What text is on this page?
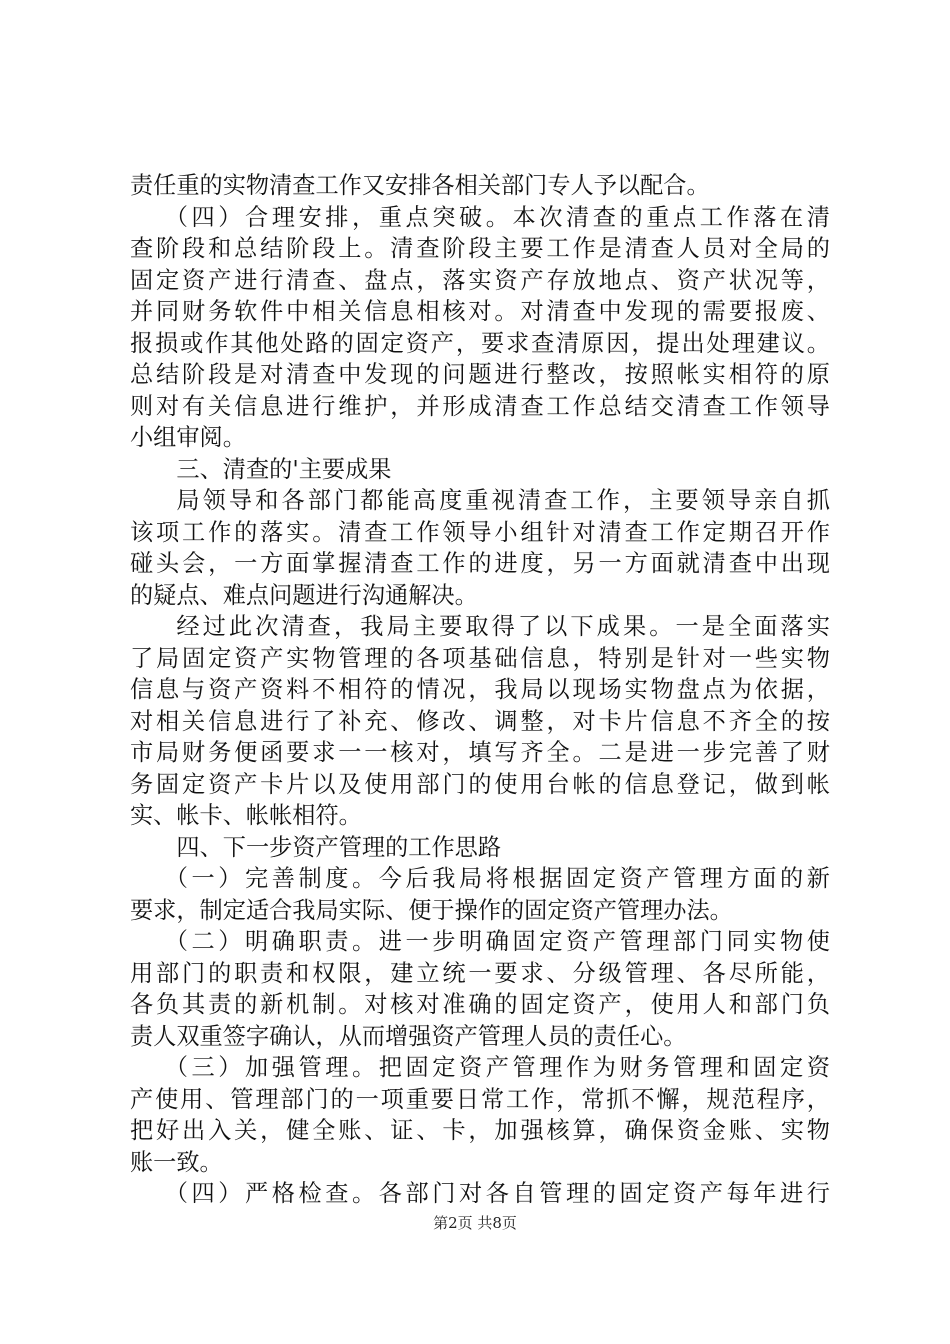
责任重的实物清查工作又安排各相关部门专人予以配合。
（四）合理安排，重点突破。本次清查的重点工作落在清
查阶段和总结阶段上。清查阶段主要工作是清查人员对全局的
固定资产进行清查、盘点，落实资产存放地点、资产状况等，
并同财务软件中相关信息相核对。对清查中发现的需要报废、
报损或作其他处路的固定资产，要求查清原因，提出处理建议。
总结阶段是对清查中发现的问题进行整改，按照帐实相符的原
则对有关信息进行维护，并形成清查工作总结交清查工作领导
小组审阅。
三、清查的'主要成果
局领导和各部门都能高度重视清查工作，主要领导亲自抓
该项工作的落实。清查工作领导小组针对清查工作定期召开作
碰头会，一方面掌握清查工作的进度，另一方面就清查中出现
的疑点、难点问题进行沟通解决。
经过此次清查，我局主要取得了以下成果。一是全面落实
了局固定资产实物管理的各项基础信息，特别是针对一些实物
信息与资产资料不相符的情况，我局以现场实物盘点为依据，
对相关信息进行了补充、修改、调整，对卡片信息不齐全的按
市局财务便函要求一一核对，填写齐全。二是进一步完善了财
务固定资产卡片以及使用部门的使用台帐的信息登记，做到帐
实、帐卡、帐帐相符。
四、下一步资产管理的工作思路
（一）完善制度。今后我局将根据固定资产管理方面的新
要求，制定适合我局实际、便于操作的固定资产管理办法。
（二）明确职责。进一步明确固定资产管理部门同实物使
用部门的职责和权限，建立统一要求、分级管理、各尽所能，
各负其责的新机制。对核对准确的固定资产，使用人和部门负
责人双重签字确认，从而增强资产管理人员的责任心。
（三）加强管理。把固定资产管理作为财务管理和固定资
产使用、管理部门的一项重要日常工作，常抓不懈，规范程序，
把好出入关，健全账、证、卡，加强核算，确保资金账、实物
账一致。
（四）严格检查。各部门对各自管理的固定资产每年进行
第2页 共8页
